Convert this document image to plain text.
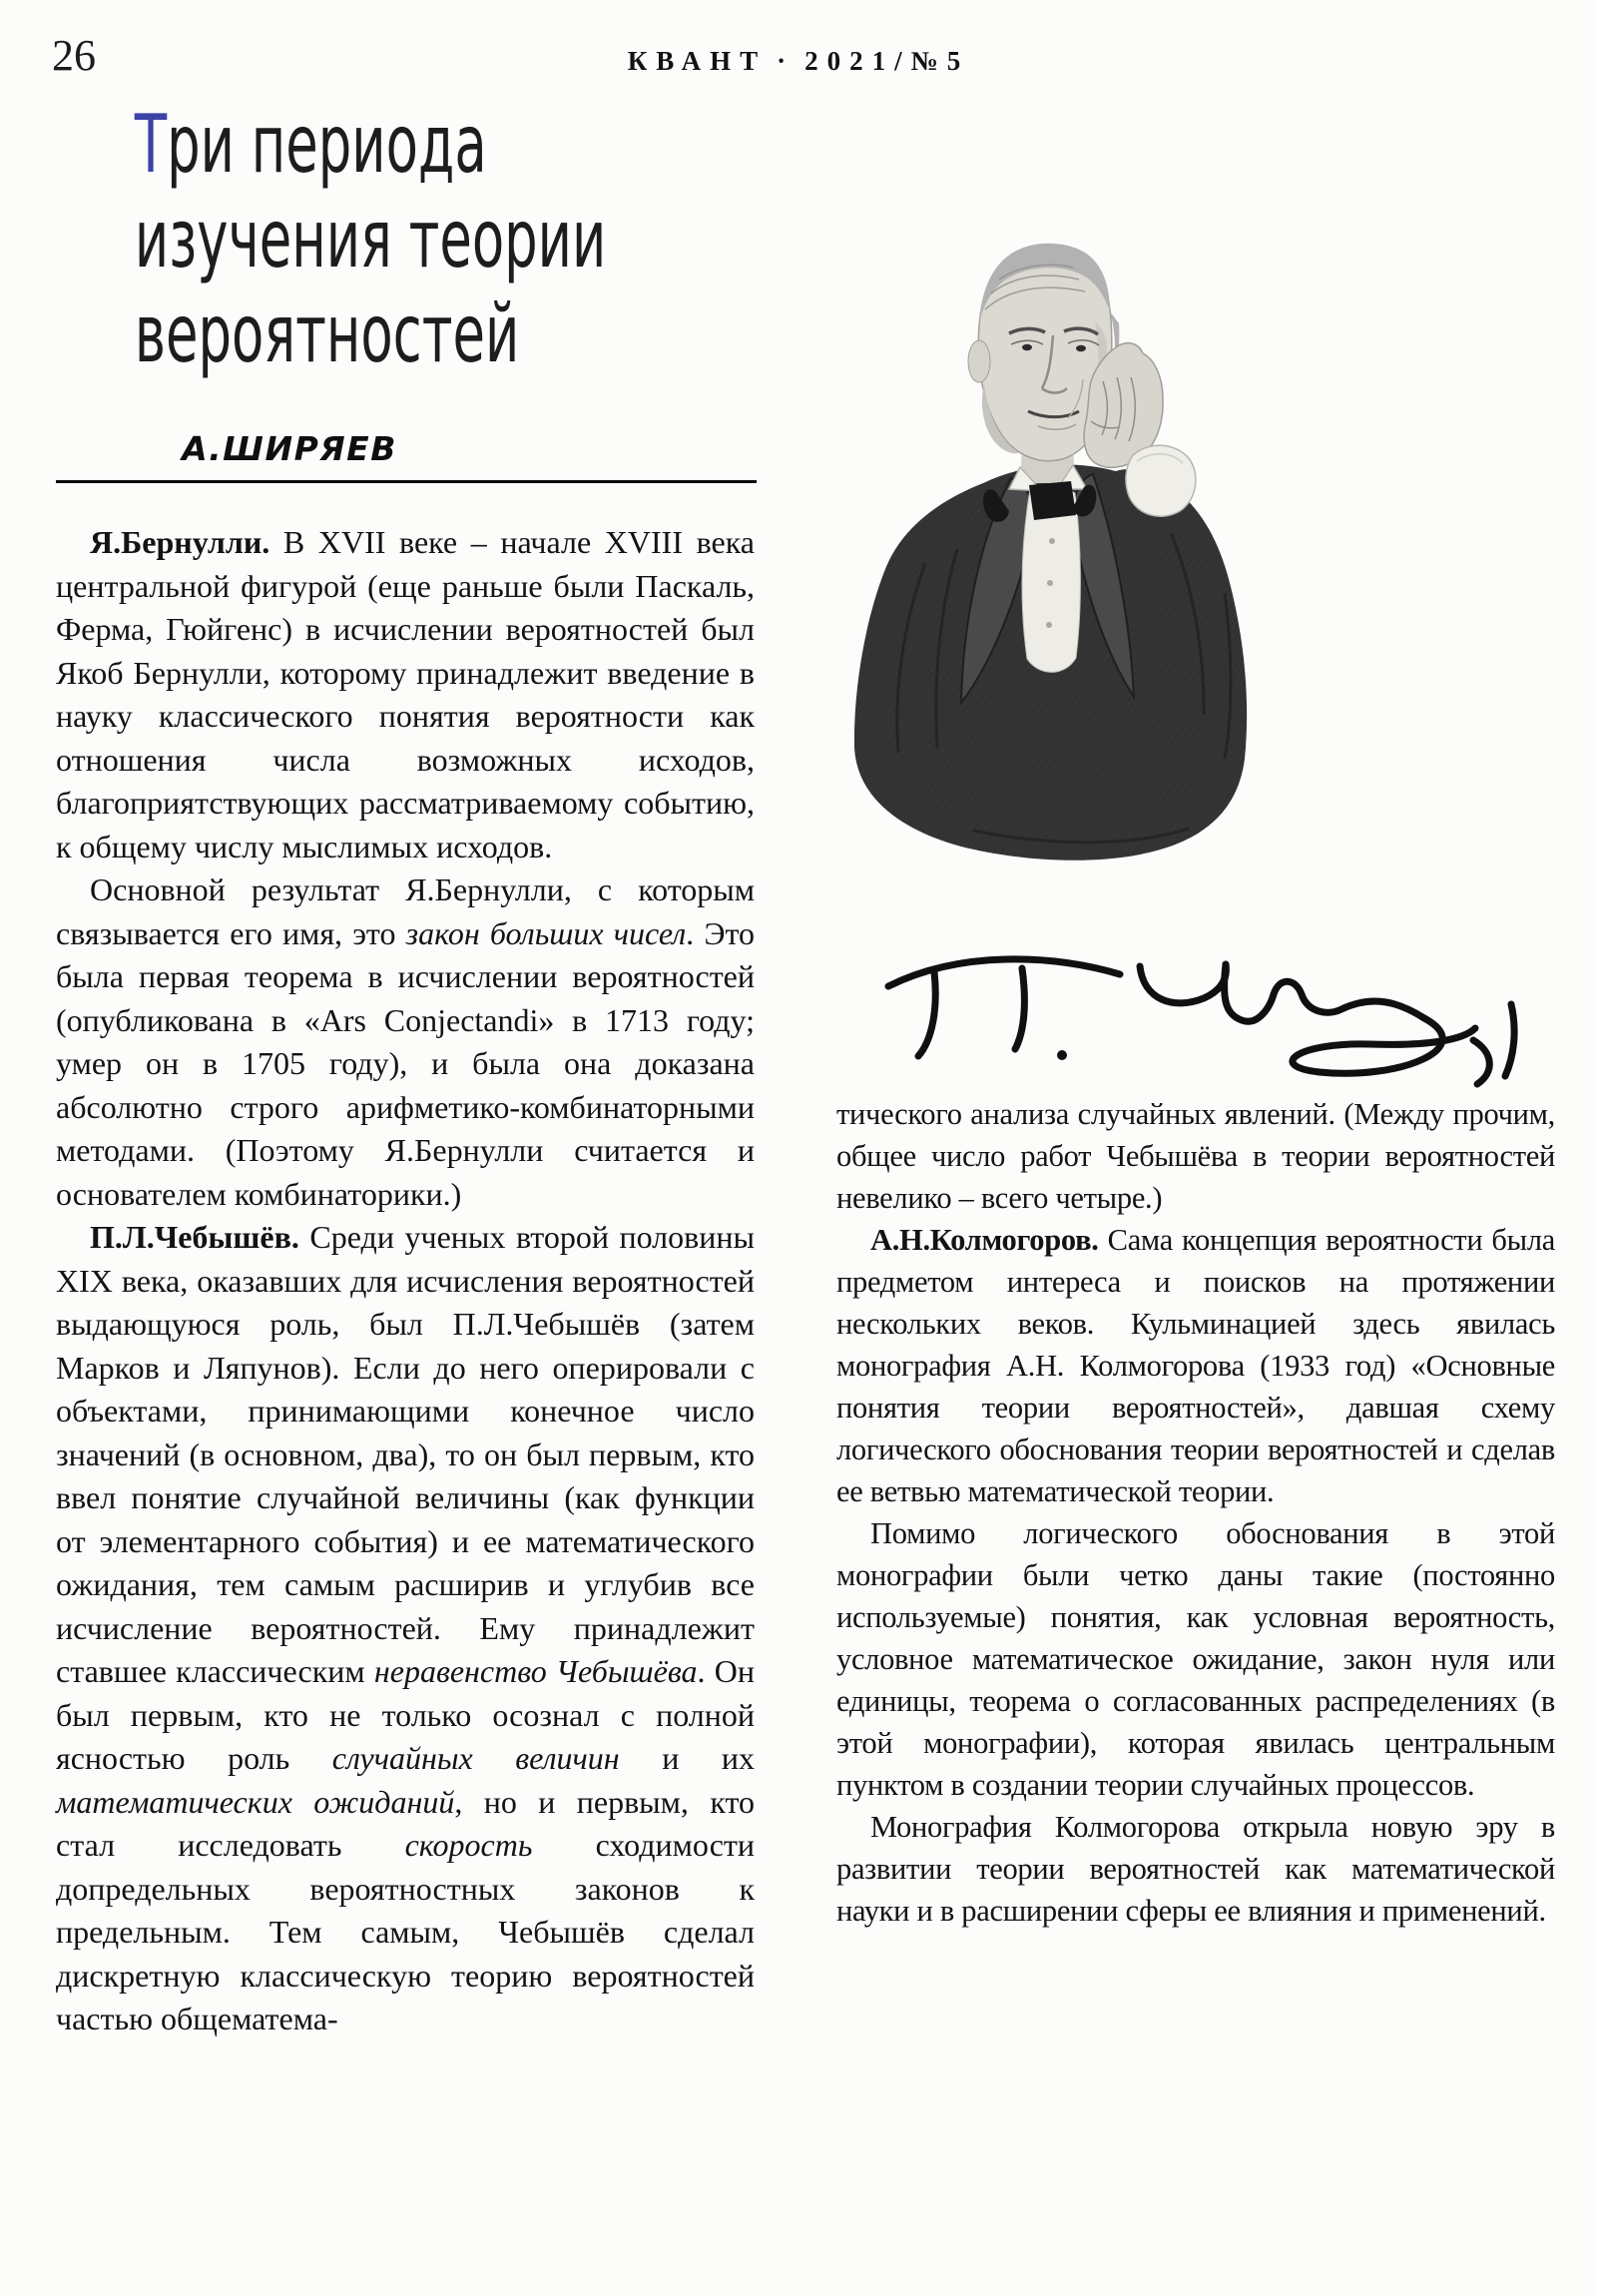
26	КВАНТ · 2021/№5
Три периода
изучения теории
вероятностей
А.ШИРЯЕВ

Я.Бернулли. В XVII веке – начале XVIII века центральной фигурой (еще раньше были Паскаль, Ферма, Гюйгенс) в исчислении вероятностей был Якоб Бернулли, которому принадлежит введение в науку классического понятия вероятности как отношения числа возможных исходов, благоприятствующих рассматриваемому событию, к общему числу мыслимых исходов.

Основной результат Я.Бернулли, с которым связывается его имя, это закон больших чисел. Это была первая теорема в исчислении вероятностей (опубликована в «Ars Conjectandi» в 1713 году; умер он в 1705 году), и была она доказана абсолютно строго арифметико-комбинаторными методами. (Поэтому Я.Бернулли считается и основателем комбинаторики.)

П.Л.Чебышёв. Среди ученых второй половины XIX века, оказавших для исчисления вероятностей выдающуюся роль, был П.Л.Чебышёв (затем Марков и Ляпунов). Если до него оперировали с объектами, принимающими конечное число значений (в основном, два), то он был первым, кто ввел понятие случайной величины (как функции от элементарного события) и ее математического ожидания, тем самым расширив и углубив все исчисление вероятностей. Ему принадлежит ставшее классическим неравенство Чебышёва. Он был первым, кто не только осознал с полной ясностью роль случайных величин и их математических ожиданий, но и первым, кто стал исследовать скорость сходимости допредельных вероятностных законов к предельным. Тем самым, Чебышёв сделал дискретную классическую теорию вероятностей частью общематема-

тического анализа случайных явлений. (Между прочим, общее число работ Чебышёва в теории вероятностей невелико – всего четыре.)

А.Н.Колмогоров. Сама концепция вероятности была предметом интереса и поисков на протяжении нескольких веков. Кульминацией здесь явилась монография А.Н. Колмогорова (1933 год) «Основные понятия теории вероятностей», давшая схему логического обоснования теории вероятностей и сделав ее ветвью математической теории.

Помимо логического обоснования в этой монографии были четко даны такие (постоянно используемые) понятия, как условная вероятность, условное математическое ожидание, закон нуля или единицы, теорема о согласованных распределениях (в этой монографии), которая явилась центральным пунктом в создании теории случайных процессов.

Монография Колмогорова открыла новую эру в развитии теории вероятностей как математической науки и в расширении сферы ее влияния и применений.
